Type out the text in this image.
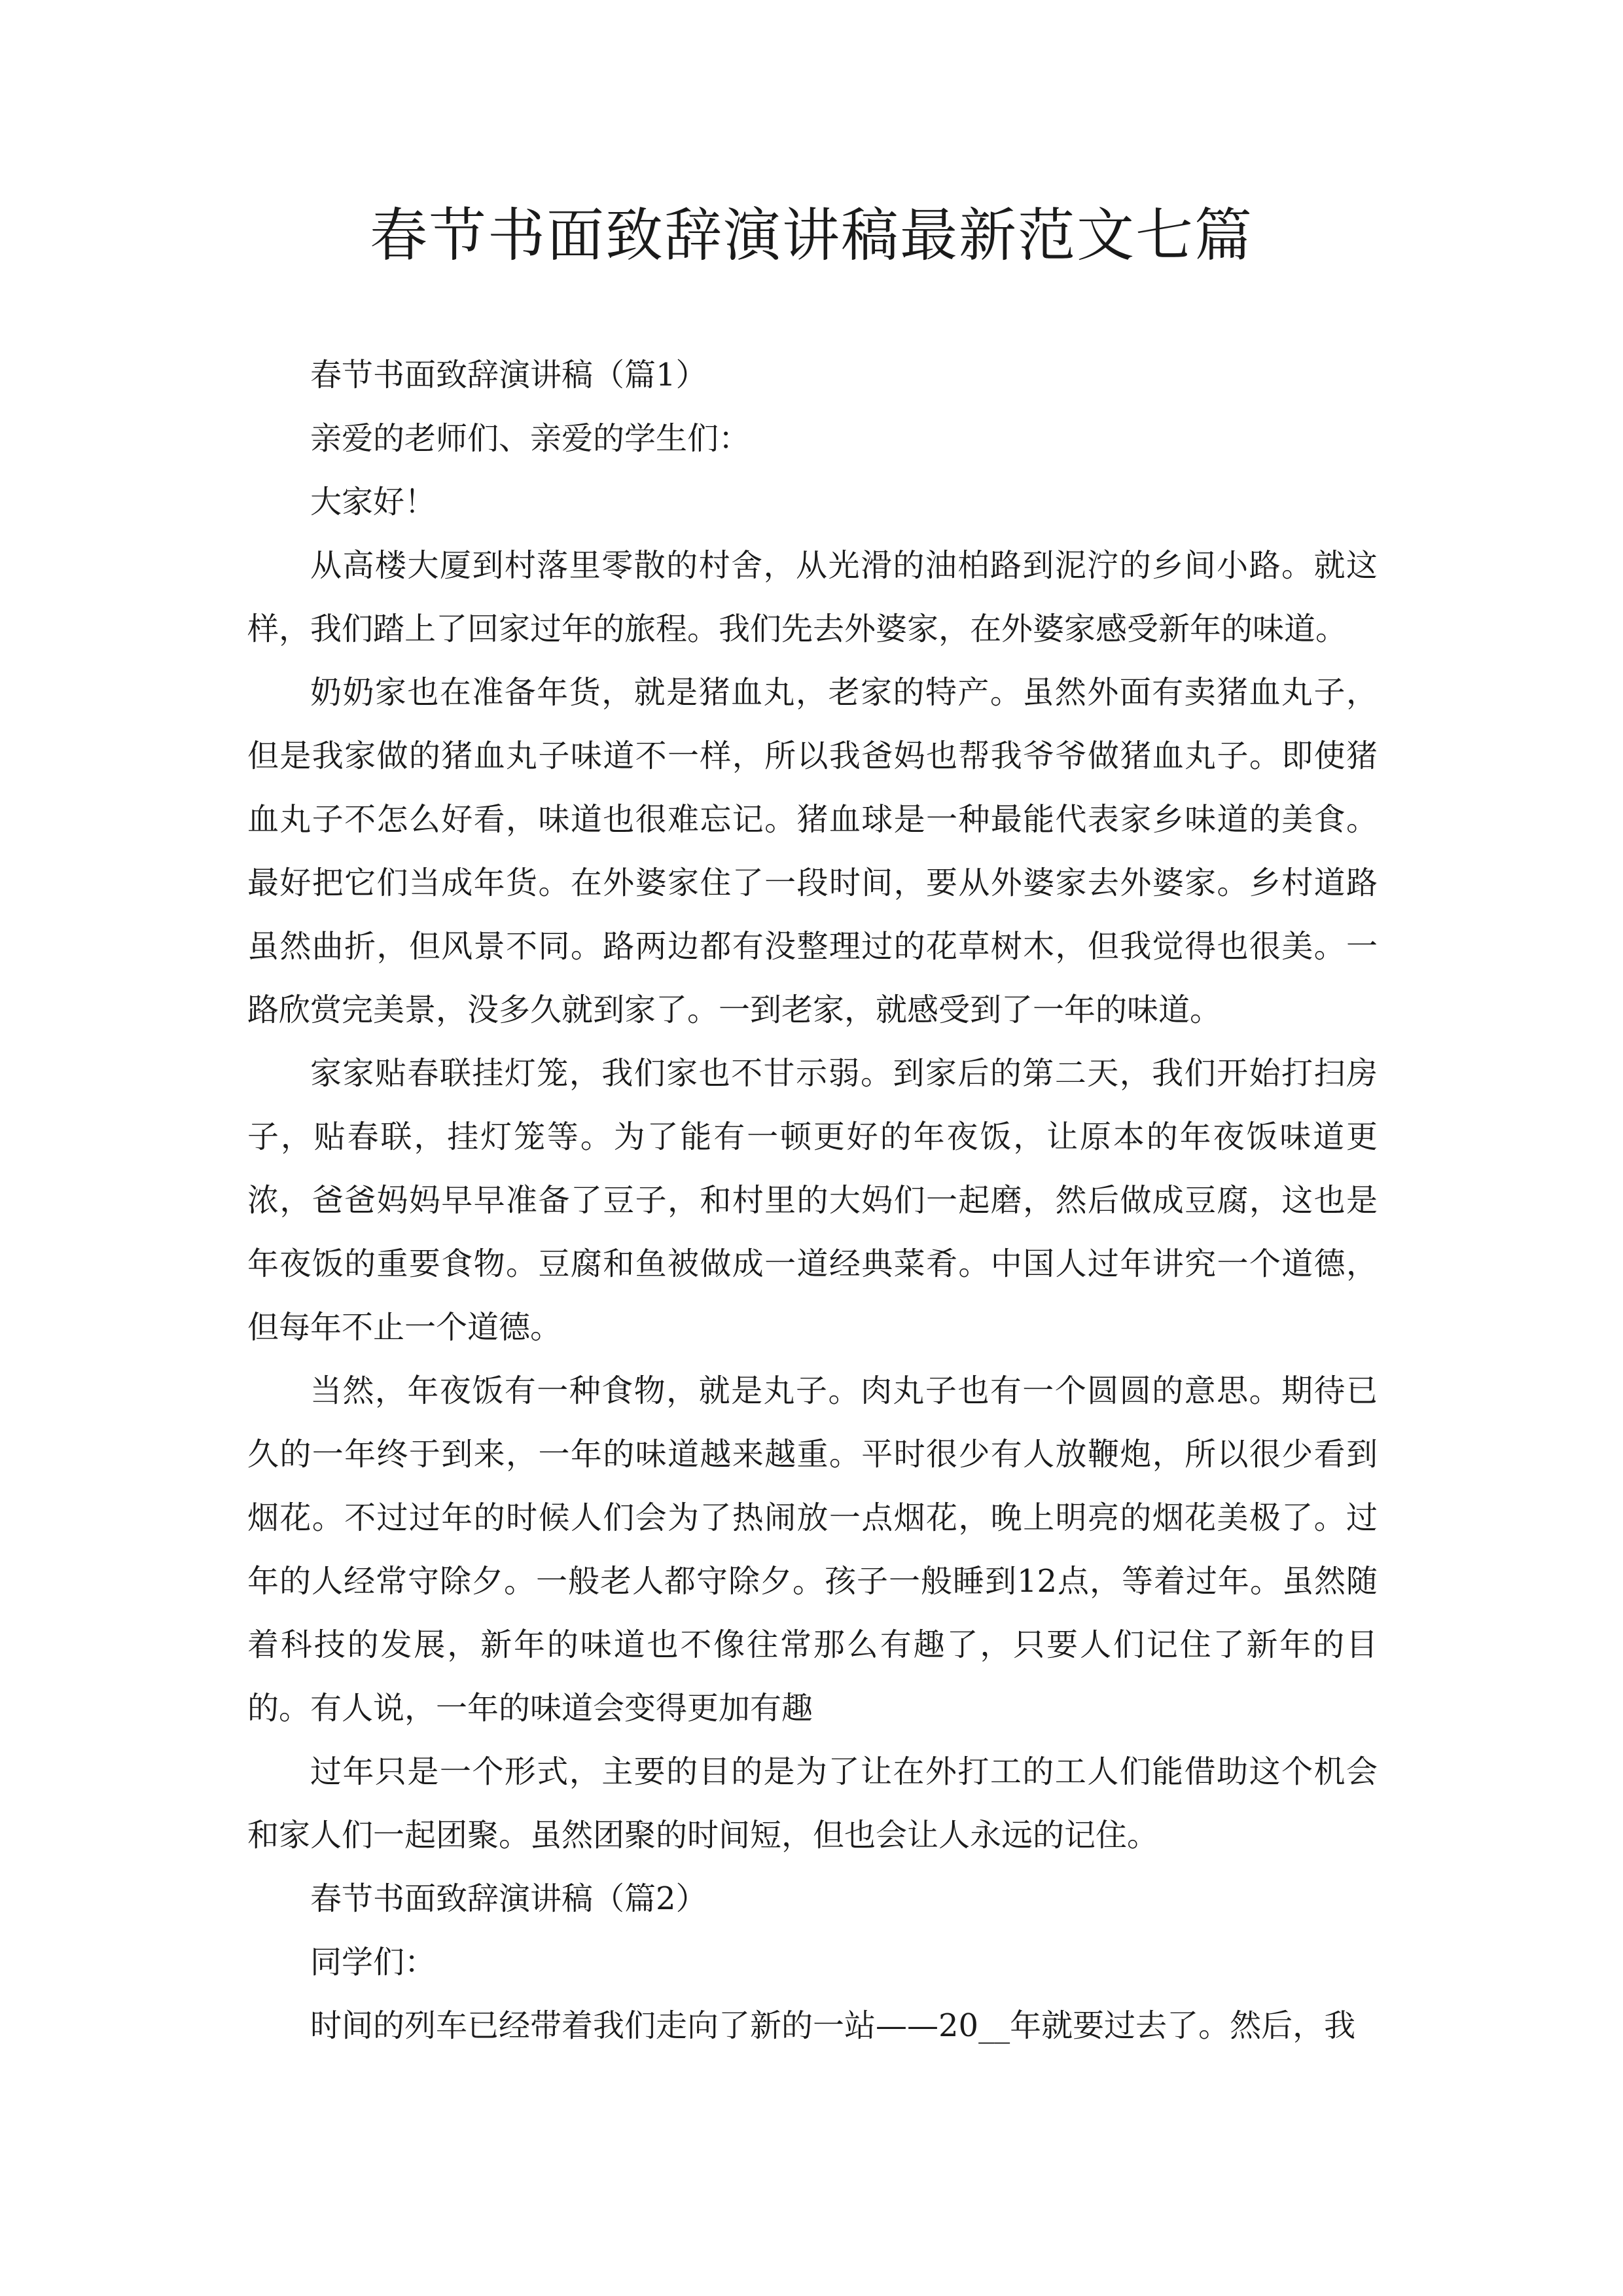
春节书面致辞演讲稿最新范文七篇

春节书面致辞演讲稿（篇1）

亲爱的老师们、亲爱的学生们：

大家好！

从高楼大厦到村落里零散的村舍，从光滑的油柏路到泥泞的乡间小路。就这样，我们踏上了回家过年的旅程。我们先去外婆家，在外婆家感受新年的味道。

奶奶家也在准备年货，就是猪血丸，老家的特产。虽然外面有卖猪血丸子，但是我家做的猪血丸子味道不一样，所以我爸妈也帮我爷爷做猪血丸子。即使猪血丸子不怎么好看，味道也很难忘记。猪血球是一种最能代表家乡味道的美食。最好把它们当成年货。在外婆家住了一段时间，要从外婆家去外婆家。乡村道路虽然曲折，但风景不同。路两边都有没整理过的花草树木，但我觉得也很美。一路欣赏完美景，没多久就到家了。一到老家，就感受到了一年的味道。

家家贴春联挂灯笼，我们家也不甘示弱。到家后的第二天，我们开始打扫房子，贴春联，挂灯笼等。为了能有一顿更好的年夜饭，让原本的年夜饭味道更浓，爸爸妈妈早早准备了豆子，和村里的大妈们一起磨，然后做成豆腐，这也是年夜饭的重要食物。豆腐和鱼被做成一道经典菜肴。中国人过年讲究一个道德，但每年不止一个道德。

当然，年夜饭有一种食物，就是丸子。肉丸子也有一个圆圆的意思。期待已久的一年终于到来，一年的味道越来越重。平时很少有人放鞭炮，所以很少看到烟花。不过过年的时候人们会为了热闹放一点烟花，晚上明亮的烟花美极了。过年的人经常守除夕。一般老人都守除夕。孩子一般睡到12点，等着过年。虽然随着科技的发展，新年的味道也不像往常那么有趣了，只要人们记住了新年的目的。有人说，一年的味道会变得更加有趣

过年只是一个形式，主要的目的是为了让在外打工的工人们能借助这个机会和家人们一起团聚。虽然团聚的时间短，但也会让人永远的记住。

春节书面致辞演讲稿（篇2）

同学们：

时间的列车已经带着我们走向了新的一站——20__年就要过去了。然后，我
